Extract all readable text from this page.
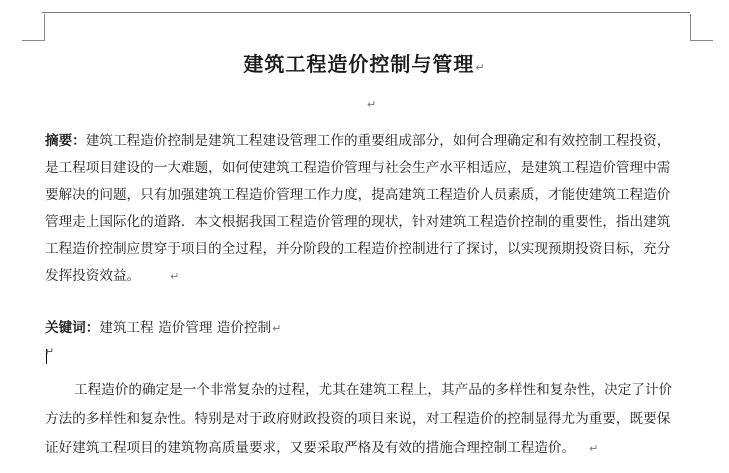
建筑工程造价控制与管理↵
↵
摘要：建筑工程造价控制是建筑工程建设管理工作的重要组成部分，如何合理确定和有效控制工程投资，
是工程项目建设的一大难题，如何使建筑工程造价管理与社会生产水平相适应，是建筑工程造价管理中需
要解决的问题，只有加强建筑工程造价管理工作力度，提高建筑工程造价人员素质，才能使建筑工程造价
管理走上国际化的道路．本文根据我国工程造价管理的现状，针对建筑工程造价控制的重要性，指出建筑
工程造价控制应贯穿于项目的全过程，并分阶段的工程造价控制进行了探讨，以实现预期投资目标，充分
发挥投资效益。	↵
关键词：建筑工程 造价管理 造价控制↵
↵
工程造价的确定是一个非常复杂的过程，尤其在建筑工程上，其产品的多样性和复杂性，决定了计价
方法的多样性和复杂性。特别是对于政府财政投资的项目来说，对工程造价的控制显得尤为重要，既要保
证好建筑工程项目的建筑物高质量要求，又要采取严格及有效的措施合理控制工程造价。 ↵
